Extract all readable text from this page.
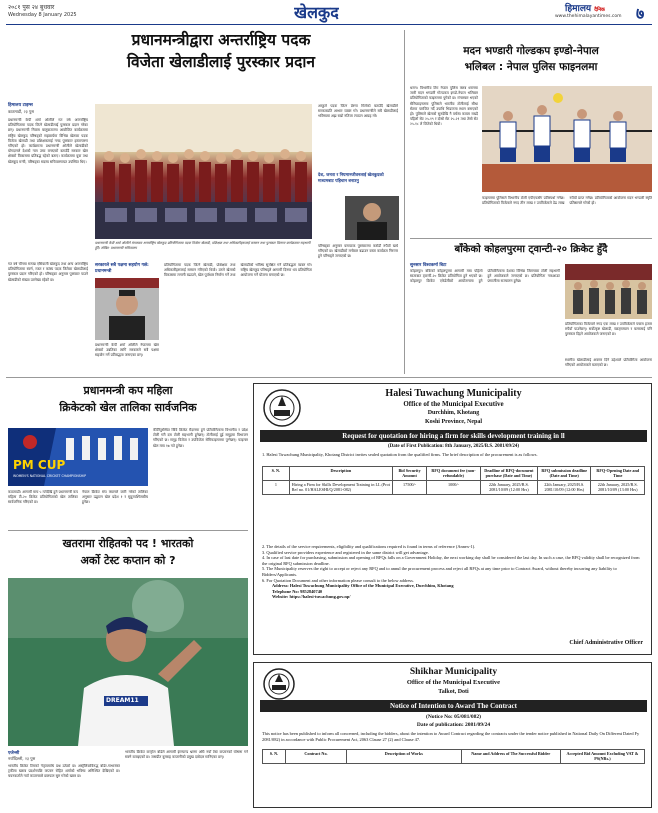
२०८१ पुस २४ बुधवार
Wednesday 8 January 2025	खेलकुद	हिमालय दैनिक
www.thehimalayantimes.com ७
प्रधानमन्त्रीद्वारा अन्तर्राष्ट्रिय पदक
विजेता खेलाडीलाई पुरस्कार प्रदान
हिमालय टाइम्स
काठमाडौं, २३ पुस
प्रधानमन्त्री केपी शर्मा ओलीले गत वर्ष अन्तर्राष्ट्रिय प्रतियोगितामा पदक जित्ने खेलाडीलाई पुरस्कार प्रदान गरेका छन्। प्रधानमन्त्री निवास बालुवाटारमा आयोजित कार्यक्रममा राष्ट्रिय खेलकुद परिषद्को सहकार्यमा विभिन्न खेलका पदक विजेता खेलाडी तथा प्रशिक्षकलाई नगद पुरस्कार हस्तान्तरण गरिएको हो। कार्यक्रममा प्रधानमन्त्री ओलीले खेलाडीको योगदानले देशको नाम उच्च बनाएको बताउँदै सरकार खेल क्षेत्रको विकासमा प्रतिबद्ध रहेको बताए। कार्यक्रममा युवा तथा खेलकुद मन्त्री, परिषद्का सदस्य सचिवलगायत उपस्थित थिए।
गत वर्ष चीनमा सम्पन्न एसियाली खेलकुद तथा अन्य अन्तर्राष्ट्रिय प्रतियोगितामा स्वर्ण, रजत र कांस्य पदक जितेका खेलाडीलाई पुरस्कार प्रदान गरिएको हो। परिषद्का अनुसार पुरस्कार पाउने खेलाडीको संख्या उल्लेख्य रहेको छ।
प्रधानमन्त्री केपी शर्मा ओलीले मंगलबार अन्तर्राष्ट्रिय खेलकुद प्रतियोगितामा पदक विजेता खेलाडी, प्रशिक्षक तथा अधिकारीहरूलाई सम्मान तथा पुरस्कार वितरण कार्यक्रममा सहभागी हुँदै। तस्बिर: प्रधानमन्त्री सचिवालय
आफूले पदक जित्न प्रेरणा मिलेको बताउँदै खेलाडीले सरकारप्रति आभार व्यक्त गरे। प्रधानमन्त्रीले सबै खेलाडीलाई भविष्यमा अझ राम्रो नतिजा ल्याउन आग्रह गरे।
देश, जनता र नियमानजीवनलाई खेलकुदको माध्यमबाट पहिचान बनाउनु
परिषद्का अनुसार यसपटक पुरस्कारमा करोडौं रुपैयाँ खर्च गरिएको छ। खेलाडीको मनोबल बढाउन यस्ता कार्यक्रम निरन्तर हुने परिषद्ले जनाएको छ।
सरकारले सबै पक्षमा सहयोग गर्छ: प्रधानमन्त्री
प्रधानमन्त्री केपी शर्मा ओलीले नेपालमा खेल क्षेत्रको उन्नतिका लागि सरकारले सबै पक्षमा सहयोग गर्ने प्रतिबद्धता जनाएका छन्।
प्रतियोगितामा पदक जित्ने खेलाडी, प्रशिक्षक तथा अधिकारीहरूलाई सम्मान गरिएको थियो। उनले खेलको विकासमा लगानी बढाउने, खेल पूर्वाधार निर्माण गर्ने तथा खेलाडीको भविष्य सुरक्षित गर्ने प्रतिबद्धता व्यक्त गरे। राष्ट्रिय खेलकुद परिषद्ले आगामी दिनमा थप प्रतियोगिता आयोजना गर्ने योजना बनाएको छ।
मदन भण्डारी गोल्डकप इण्डो-नेपाल
भलिबल : नेपाल पुलिस फाइनलमा
धरान। विभागीय टिम नेपाल पुलिस क्लब धरानमा जारी मदन भण्डारी गोल्डकप इण्डो-नेपाल भलिबल प्रतियोगिताको फाइनलमा पुगेको छ। मंगलबार भएको सेमिफाइनलमा पुलिसले भारतीय टोलीलाई सीधा सेटमा पराजित गर्दै उपाधि भिडन्तमा स्थान बनाएको हो। पुलिसले खेलको सुरुदेखि नै वर्चस्व कायम राख्दै पहिलो सेट २५-१९ र दोस्रो सेट २५-२१ तथा तेस्रो सेट २५-१८ ले जितेको थियो।
फाइनलमा पुलिसले विभागीय टोली एपीएफसँग प्रतिस्पर्धा गर्नेछ। प्रतियोगिताको विजेताले नगद तीन लाख र उपविजेताले डेढ लाख रुपैयाँ प्राप्त गर्नेछ। प्रतियोगिताको आयोजना मदन भण्डारी स्मृति प्रतिष्ठानले गरेको हो।
बाँकेको कोहलपुरमा ट्वान्टी-२० क्रिकेट हुँदै
सुनसार विश्वकर्मा बिटा
कोहलपुर। बाँकेको कोहलपुरमा आगामी माघ पहिलो साताबाट ट्वान्टी-२० क्रिकेट प्रतियोगिता हुने भएको छ। कोहलपुर क्रिकेट एकेडेमीको आयोजनामा हुने प्रतियोगितामा देशका विभिन्न जिल्लाका टोली सहभागी हुने आयोजकले जनाएको छ। प्रतियोगिता नकआउट प्रणालीमा सञ्चालन हुनेछ।
प्रतियोगिताका विजेताले नगद एक लाख र उपविजेताले पचास हजार रुपैयाँ पाउनेछन्। सर्वोत्कृष्ट खेलाडी, ब्याट्सम्यान र बलरलाई पनि पुरस्कार दिइने आयोजकले जनाएको छ।
स्थानीय खेलाडीलाई अवसर दिने उद्देश्यले प्रतियोगिता आयोजना गरिएको आयोजकले बताएको छ।
प्रधानमन्त्री कप महिला
क्रिकेटको खेल तालिका सार्वजनिक
PM CUP
WOMEN'S NATIONAL CRICKET CHAMPIONSHIP
काठमाडौं। आगामी माघ ५ गतेदेखि हुने प्रधानमन्त्री कप महिला टी-२० क्रिकेट प्रतियोगिताको खेल तालिका सार्वजनिक गरिएको छ।
नेपाल क्रिकेट संघ क्यानले जारी गरेको तालिका अनुसार उद्घाटन खेल प्रदेश १ र सुदूरपश्चिमबीच हुनेछ।
कीर्तिपुरस्थित त्रिवि क्रिकेट मैदानमा हुने प्रतियोगितामा विभागीय र प्रदेश टोली गरी दस टोली सहभागी हुनेछन्। टोलीलाई दुई समूहमा विभाजन गरिएको छ। समूह विजेता र उपविजेता सेमिफाइनलमा पुग्नेछन्। फाइनल खेल माघ १७ गते हुनेछ।
खतरामा रोहितको पद ! भारतको
अर्को टेस्ट कप्तान को ?
DREAM11
एजेन्सी
नयाँदिल्ली, २३ पुस
भारतीय क्रिकेट टिमको नेतृत्वमाथि प्रश्न उठेको छ। अस्ट्रेलियाविरुद्ध बोर्डर-गाभास्कर ट्रफीमा खराब प्रदर्शनपछि कप्तान रोहित शर्माको भविष्य अनिश्चित देखिएको छ। चयनकर्ताले नयाँ कप्तानबारे छलफल सुरु गरेको खबर छ।
भारतीय क्रिकेट कन्ट्रोल बोर्डले आगामी इंग्ल्यान्ड भ्रमण अघि नयाँ टेस्ट कप्तानको घोषणा गर्न सक्ने बताइएको छ। जसप्रीत बुमराह कप्तानीको प्रमुख दाबेदार मानिएका छन्।
Halesi Tuwachung Municipality
Office of the Municipal Executive
Durchhim, Khotang
Koshi Province, Nepal
Request for quotation for hiring a firm for skills development training in ll
(Date of First Publication: 8th January, 2025/B.S. 2081/09/24)
1. Halesi Tuwachung Municipality, Khotang District invites sealed quotation from the qualified firms. The brief description of the procurement is as follows.
S. N.	Description	Bid Security Amount	RFQ document fee (non-refundable)	Deadline of RFQ-document purchase (Date and Time)	RFQ submission deadline (Date and Time)	RFQ-Opening Date and Time
1	Hiring a Firm for Skills Development Training in LL (Prot Ref no. 01/HALESHI/Q/2081-082)	17500/-	1000/-	22th January, 2025/B.S. 2081/10/09 (12:00 Hrs)	22th January, 2025/B.S. 2081/10/09 (12:00 Hrs)	22th January, 2025/B.S. 2081/10/09 (13:00 Hrs)
2. The details of the service requirements, eligibility and qualifications required is found in terms of reference (Annex-1).
3. Qualified service providers experience and registered in the same district will get advantage.
4. In case of last date for purchasing, submission and opening of RFQs falls on a Government Holiday, the next working day shall be considered the last day. In such a case, the RFQ validity shall be recognized from the original RFQ submission deadline.
5. The Municipality reserves the right to accept or reject any RFQ and to annul the procurement process and reject all RFQs at any time prior to Contract Award, without thereby incurring any liability to Bidders/Applicants.
6. For Quotation Document and other information please consult to the below address.
Address: Halesi Tuwachung Municipality Office of the Municipal Executive, Durchhim, Khotang
Telephone No: 9852840740
Website: https://halesi-tuwachung.gov.np/
Chief Administrative Officer
Shikhar Municipality
Office of the Municipal Executive
Talkot, Doti
Notice of Intention to Award The Contract
(Notice No: 05/081/082)
Date of publication: 2081/09/24
This notice has been published to inform all concerned, including the bidders, about the intention to Award Contract regarding the contracts under the tender notice published in National Daily On Different Dated Fy 2081/082) in accordance with Public Procurement Act, 2063 Clause 27 (2) and Clause 47.
S. N.	Contract No.	Description of Works	Name and Address of The Successful Bidder	Accepted Bid Amount Excluding VAT & PS(NRs.)
